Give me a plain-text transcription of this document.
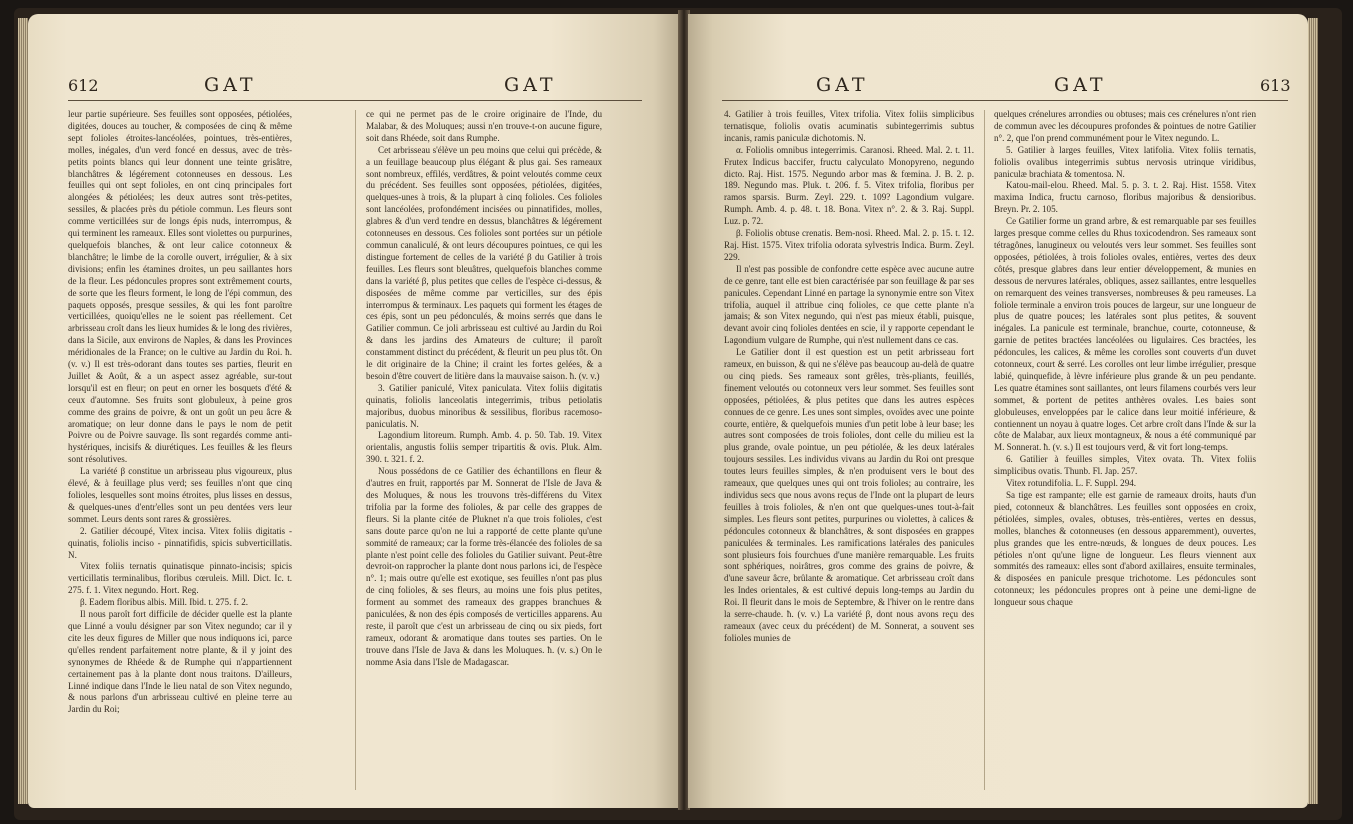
612	GAT	GAT

leur partie supérieure. Ses feuilles sont opposées, pétiolées, digitées, douces au toucher, & composées de cinq & même sept folioles étroites-lancéolées, pointues, très-entières, molles, inégales, d'un verd foncé en dessus, avec de très-petits points blancs qui leur donnent une teinte grisâtre, blanchâtres & légérement cotonneuses en dessous. Les feuilles qui ont sept folioles, en ont cinq principales fort alongées & pétiolées; les deux autres sont très-petites, sessiles, & placées près du pétiole commun. Les fleurs sont comme verticillées sur de longs épis nuds, interrompus, & qui terminent les rameaux. Elles sont violettes ou purpurines, quelquefois blanches, & ont leur calice cotonneux & blanchâtre; le limbe de la corolle ouvert, irrégulier, & à six divisions; enfin les étamines droites, un peu saillantes hors de la fleur. Les pédoncules propres sont extrêmement courts, de sorte que les fleurs forment, le long de l'épi commun, des paquets opposés, presque sessiles, & qui les font paroître verticillées, quoiqu'elles ne le soient pas réellement. Cet arbrisseau croît dans les lieux humides & le long des rivières, dans la Sicile, aux environs de Naples, & dans les Provinces méridionales de la France; on le cultive au Jardin du Roi. ħ. (v. v.) Il est très-odorant dans toutes ses parties, fleurit en Juillet & Août, & a un aspect assez agréable, sur-tout lorsqu'il est en fleur; on peut en orner les bosquets d'été & ceux d'automne. Ses fruits sont globuleux, à peine gros comme des grains de poivre, & ont un goût un peu âcre & aromatique; on leur donne dans le pays le nom de petit Poivre ou de Poivre sauvage. Ils sont regardés comme anti-hystériques, incisifs & diurétiques. Les feuilles & les fleurs sont résolutives.

La variété β constitue un arbrisseau plus vigoureux, plus élevé, & à feuillage plus verd; ses feuilles n'ont que cinq folioles, lesquelles sont moins étroites, plus lisses en dessus, & quelques-unes d'entr'elles sont un peu dentées vers leur sommet. Leurs dents sont rares & grossières.

2. Gatilier découpé, Vitex incisa. Vitex foliis digitatis - quinatis, foliolis inciso - pinnatifidis, spicis subverticillatis. N.

Vitex foliis ternatis quinatisque pinnato-incisis; spicis verticillatis terminalibus, floribus cœruleis. Mill. Dict. Ic. t. 275. f. 1. Vitex negundo. Hort. Reg.

β. Eadem floribus albis. Mill. Ibid. t. 275. f. 2.

Il nous paroît fort difficile de décider quelle est la plante que Linné a voulu désigner par son Vitex negundo; car il y cite les deux figures de Miller que nous indiquons ici, parce qu'elles rendent parfaitement notre plante, & il y joint des synonymes de Rhéede & de Rumphe qui n'appartiennent certainement pas à la plante dont nous traitons. D'ailleurs, Linné indique dans l'Inde le lieu natal de son Vitex negundo, & nous parlons d'un arbrisseau cultivé en pleine terre au Jardin du Roi;

ce qui ne permet pas de le croire originaire de l'Inde, du Malabar, & des Moluques; aussi n'en trouve-t-on aucune figure, soit dans Rhéede, soit dans Rumphe.

Cet arbrisseau s'élève un peu moins que celui qui précède, & a un feuillage beaucoup plus élégant & plus gai. Ses rameaux sont nombreux, effilés, verdâtres, & point veloutés comme ceux du précédent. Ses feuilles sont opposées, pétiolées, digitées, quelques-unes à trois, & la plupart à cinq folioles. Ces folioles sont lancéolées, profondément incisées ou pinnatifides, molles, glabres & d'un verd tendre en dessus, blanchâtres & légérement cotonneuses en dessous. Ces folioles sont portées sur un pétiole commun canaliculé, & ont leurs découpures pointues, ce qui les distingue fortement de celles de la variété β du Gatilier à trois feuilles. Les fleurs sont bleuâtres, quelquefois blanches comme dans la variété β, plus petites que celles de l'espèce ci-dessus, & disposées de même comme par verticilles, sur des épis interrompus & terminaux. Les paquets qui forment les étages de ces épis, sont un peu pédonculés, & moins serrés que dans le Gatilier commun. Ce joli arbrisseau est cultivé au Jardin du Roi & dans les jardins des Amateurs de culture; il paroît constamment distinct du précédent, & fleurit un peu plus tôt. On le dit originaire de la Chine; il craint les fortes gelées, & a besoin d'être couvert de litière dans la mauvaise saison. ħ. (v. v.)

3. Gatilier paniculé, Vitex paniculata. Vitex foliis digitatis quinatis, foliolis lanceolatis integerrimis, tribus petiolatis majoribus, duobus minoribus & sessilibus, floribus racemoso-paniculatis. N.

Lagondium litoreum. Rumph. Amb. 4. p. 50. Tab. 19. Vitex orientalis, angustis foliis semper tripartitis & ovis. Pluk. Alm. 390. t. 321. f. 2.

Nous possédons de ce Gatilier des échantillons en fleur & d'autres en fruit, rapportés par M. Sonnerat de l'Isle de Java & des Moluques, & nous les trouvons très-différens du Vitex trifolia par la forme des folioles, & par celle des grappes de fleurs. Si la plante citée de Pluknet n'a que trois folioles, c'est sans doute parce qu'on ne lui a rapporté de cette plante qu'une sommité de rameaux; car la forme très-élancée des folioles de sa plante n'est point celle des folioles du Gatilier suivant. Peut-être devroit-on rapprocher la plante dont nous parlons ici, de l'espèce n°. 1; mais outre qu'elle est exotique, ses feuilles n'ont pas plus de cinq folioles, & ses fleurs, au moins une fois plus petites, forment au sommet des rameaux des grappes branchues & paniculées, & non des épis composés de verticilles apparens. Au reste, il paroît que c'est un arbrisseau de cinq ou six pieds, fort rameux, odorant & aromatique dans toutes ses parties. On le trouve dans l'Isle de Java & dans les Moluques. ħ. (v. s.) On le nomme Asia dans l'Isle de Madagascar.

GAT	GAT	613

4. Gatilier à trois feuilles, Vitex trifolia. Vitex foliis simplicibus ternatisque, foliolis ovatis acuminatis subintegerrimis subtus incanis, ramis paniculæ dichotomis. N.

α. Foliolis omnibus integerrimis. Caranosi. Rheed. Mal. 2. t. 11. Frutex Indicus baccifer, fructu calyculato Monopyreno, negundo dicto. Raj. Hist. 1575. Negundo arbor mas & fœmina. J. B. 2. p. 189. Negundo mas. Pluk. t. 206. f. 5. Vitex trifolia, floribus per ramos sparsis. Burm. Zeyl. 229. t. 109? Lagondium vulgare. Rumph. Amb. 4. p. 48. t. 18. Bona. Vitex n°. 2. & 3. Raj. Suppl. Luz. p. 72.

β. Foliolis obtuse crenatis. Bem-nosi. Rheed. Mal. 2. p. 15. t. 12. Raj. Hist. 1575. Vitex trifolia odorata sylvestris Indica. Burm. Zeyl. 229.

Il n'est pas possible de confondre cette espèce avec aucune autre de ce genre, tant elle est bien caractérisée par son feuillage & par ses panicules. Cependant Linné en partage la synonymie entre son Vitex trifolia, auquel il attribue cinq folioles, ce que cette plante n'a jamais; & son Vitex negundo, qui n'est pas mieux établi, puisque, devant avoir cinq folioles dentées en scie, il y rapporte cependant le Lagondium vulgare de Rumphe, qui n'est nullement dans ce cas.

Le Gatilier dont il est question est un petit arbrisseau fort rameux, en buisson, & qui ne s'élève pas beaucoup au-delà de quatre ou cinq pieds. Ses rameaux sont grêles, très-pliants, feuillés, finement veloutés ou cotonneux vers leur sommet. Ses feuilles sont opposées, pétiolées, & plus petites que dans les autres espèces connues de ce genre. Les unes sont simples, ovoïdes avec une pointe courte, entière, & quelquefois munies d'un petit lobe à leur base; les autres sont composées de trois folioles, dont celle du milieu est la plus grande, ovale pointue, un peu pétiolée, & les deux latérales toujours sessiles. Les individus vivans au Jardin du Roi ont presque toutes leurs feuilles simples, & n'en produisent vers le bout des rameaux, que quelques unes qui ont trois folioles; au contraire, les individus secs que nous avons reçus de l'Inde ont la plupart de leurs feuilles à trois folioles, & n'en ont que quelques-unes tout-à-fait simples. Les fleurs sont petites, purpurines ou violettes, à calices & pédoncules cotonneux & blanchâtres, & sont disposées en grappes paniculées & terminales. Les ramifications latérales des panicules sont plusieurs fois fourchues d'une manière remarquable. Les fruits sont sphériques, noirâtres, gros comme des grains de poivre, & d'une saveur âcre, brûlante & aromatique. Cet arbrisseau croît dans les Indes orientales, & est cultivé depuis long-temps au Jardin du Roi. Il fleurit dans le mois de Septembre, & l'hiver on le rentre dans la serre-chaude. ħ. (v. v.) La variété β, dont nous avons reçu des rameaux (avec ceux du précédent) de M. Sonnerat, a souvent ses folioles munies de

quelques crénelures arrondies ou obtuses; mais ces crénelures n'ont rien de commun avec les découpures profondes & pointues de notre Gatilier n°. 2, que l'on prend communément pour le Vitex negundo. L.

5. Gatilier à larges feuilles, Vitex latifolia. Vitex foliis ternatis, foliolis ovalibus integerrimis subtus nervosis utrinque viridibus, paniculæ brachiata & tomentosa. N.

Katou-mail-elou. Rheed. Mal. 5. p. 3. t. 2. Raj. Hist. 1558. Vitex maxima Indica, fructu carnoso, floribus majoribus & densioribus. Breyn. Pr. 2. 105.

Ce Gatilier forme un grand arbre, & est remarquable par ses feuilles larges presque comme celles du Rhus toxicodendron. Ses rameaux sont tétragônes, lanugineux ou veloutés vers leur sommet. Ses feuilles sont opposées, pétiolées, à trois folioles ovales, entières, vertes des deux côtés, presque glabres dans leur entier développement, & munies en dessous de nervures latérales, obliques, assez saillantes, entre lesquelles on remarquent des veines transverses, nombreuses & peu rameuses. La foliole terminale a environ trois pouces de largeur, sur une longueur de plus de quatre pouces; les latérales sont plus petites, & souvent inégales. La panicule est terminale, branchue, courte, cotonneuse, & garnie de petites bractées lancéolées ou ligulaires. Ces bractées, les pédoncules, les calices, & même les corolles sont couverts d'un duvet cotonneux, court & serré. Les corolles ont leur limbe irrégulier, presque labié, quinquefide, à lèvre inférieure plus grande & un peu pendante. Les quatre étamines sont saillantes, ont leurs filamens courbés vers leur sommet, & portent de petites anthères ovales. Les baies sont globuleuses, enveloppées par le calice dans leur moitié inférieure, & contiennent un noyau à quatre loges. Cet arbre croît dans l'Inde & sur la côte de Malabar, aux lieux montagneux, & nous a été communiqué par M. Sonnerat. ħ. (v. s.) Il est toujours verd, & vit fort long-temps.

6. Gatilier à feuilles simples, Vitex ovata. Th. Vitex foliis simplicibus ovatis. Thunb. Fl. Jap. 257.

Vitex rotundifolia. L. F. Suppl. 294.

Sa tige est rampante; elle est garnie de rameaux droits, hauts d'un pied, cotonneux & blanchâtres. Les feuilles sont opposées en croix, pétiolées, simples, ovales, obtuses, très-entières, vertes en dessus, molles, blanches & cotonneuses (en dessous apparemment), ouvertes, plus grandes que les entre-nœuds, & longues de deux pouces. Les pétioles n'ont qu'une ligne de longueur. Les fleurs viennent aux sommités des rameaux: elles sont d'abord axillaires, ensuite terminales, & disposées en panicule presque trichotome. Les pédoncules sont cotonneux; les pédoncules propres ont à peine une demi-ligne de longueur sous chaque
